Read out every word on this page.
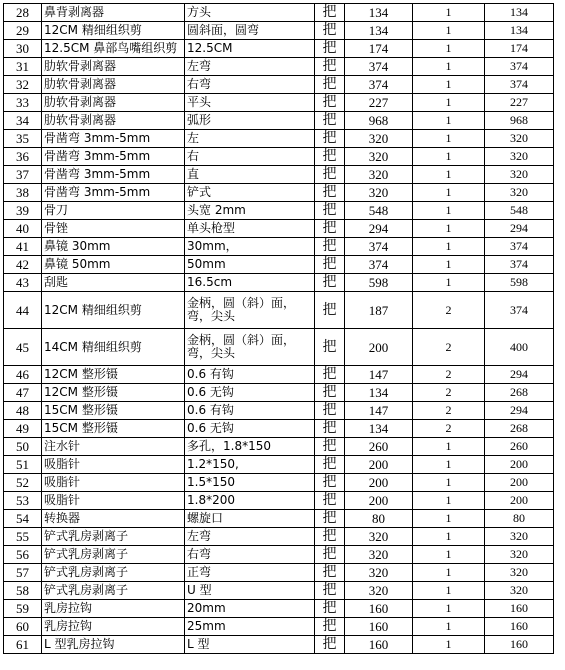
28	鼻背剥离器	方头	把	134	1	134
29	12CM 精细组织剪	圆斜面，圆弯	把	134	1	134
30	12.5CM 鼻部鸟嘴组织剪	12.5CM	把	174	1	174
31	肋软骨剥离器	左弯	把	374	1	374
32	肋软骨剥离器	右弯	把	374	1	374
33	肋软骨剥离器	平头	把	227	1	227
34	肋软骨剥离器	弧形	把	968	1	968
35	骨凿弯 3mm-5mm	左	把	320	1	320
36	骨凿弯 3mm-5mm	右	把	320	1	320
37	骨凿弯 3mm-5mm	直	把	320	1	320
38	骨凿弯 3mm-5mm	铲式	把	320	1	320
39	骨刀	头宽 2mm	把	548	1	548
40	骨锉	单头枪型	把	294	1	294
41	鼻镜 30mm	30mm，	把	374	1	374
42	鼻镜 50mm	50mm	把	374	1	374
43	刮匙	16.5cm	把	598	1	598
44	12CM 精细组织剪	金柄，圆（斜）面，弯，尖头	把	187	2	374
45	14CM 精细组织剪	金柄，圆（斜）面，弯，尖头	把	200	2	400
46	12CM 整形镊	0.6 有钩	把	147	2	294
47	12CM 整形镊	0.6 无钩	把	134	2	268
48	15CM 整形镊	0.6 有钩	把	147	2	294
49	15CM 整形镊	0.6 无钩	把	134	2	268
50	注水针	多孔，1.8*150	把	260	1	260
51	吸脂针	1.2*150,	把	200	1	200
52	吸脂针	1.5*150	把	200	1	200
53	吸脂针	1.8*200	把	200	1	200
54	转换器	螺旋口	把	80	1	80
55	铲式乳房剥离子	左弯	把	320	1	320
56	铲式乳房剥离子	右弯	把	320	1	320
57	铲式乳房剥离子	正弯	把	320	1	320
58	铲式乳房剥离子	U 型	把	320	1	320
59	乳房拉钩	20mm	把	160	1	160
60	乳房拉钩	25mm	把	160	1	160
61	L 型乳房拉钩	L 型	把	160	1	160
